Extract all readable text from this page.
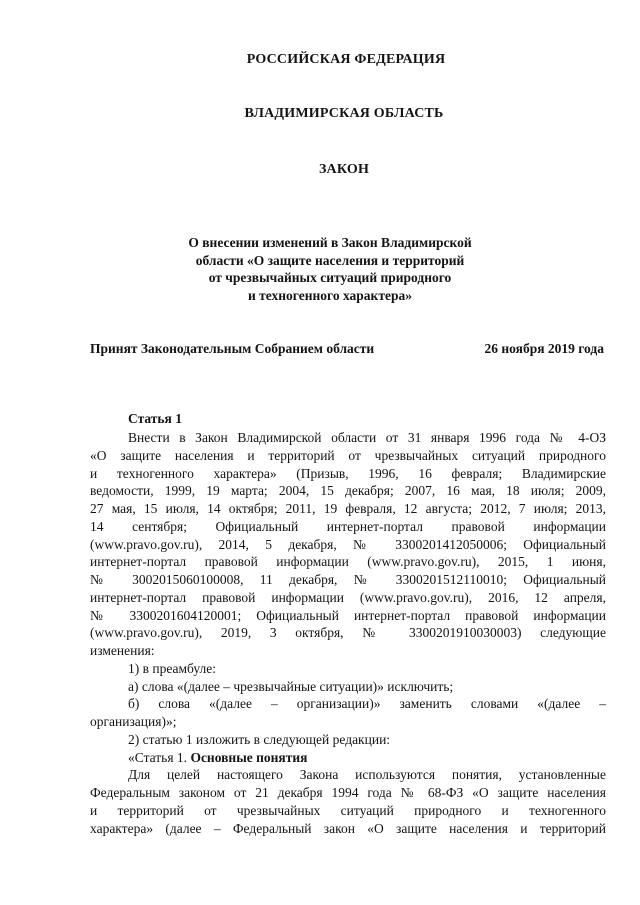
РОССИЙСКАЯ ФЕДЕРАЦИЯ
ВЛАДИМИРСКАЯ ОБЛАСТЬ
ЗАКОН
О внесении изменений в Закон Владимирской
области «О защите населения и территорий
от чрезвычайных ситуаций природного
и техногенного характера»
Принят Законодательным Собранием области	26 ноября 2019 года
Статья 1
Внести в Закон Владимирской области от 31 января 1996 года № 4-ОЗ
«О защите населения и территорий от чрезвычайных ситуаций природного
и техногенного характера» (Призыв, 1996, 16 февраля; Владимирские
ведомости, 1999, 19 марта; 2004, 15 декабря; 2007, 16 мая, 18 июля; 2009,
27 мая, 15 июля, 14 октября; 2011, 19 февраля, 12 августа; 2012, 7 июля; 2013,
14 сентября; Официальный интернет-портал правовой информации
(www.pravo.gov.ru), 2014, 5 декабря, № 3300201412050006; Официальный
интернет-портал правовой информации (www.pravo.gov.ru), 2015, 1 июня,
№ 3002015060100008, 11 декабря, № 3300201512110010; Официальный
интернет-портал правовой информации (www.pravo.gov.ru), 2016, 12 апреля,
№ 3300201604120001; Официальный интернет-портал правовой информации
(www.pravo.gov.ru), 2019, 3 октября, № 3300201910030003) следующие
изменения:
1) в преамбуле:
а) слова «(далее – чрезвычайные ситуации)» исключить;
б) слова «(далее – организации)» заменить словами «(далее –
организация)»;
2) статью 1 изложить в следующей редакции:
«Статья 1. Основные понятия
Для целей настоящего Закона используются понятия, установленные
Федеральным законом от 21 декабря 1994 года № 68-ФЗ «О защите населения
и территорий от чрезвычайных ситуаций природного и техногенного
характера» (далее – Федеральный закон «О защите населения и территорий
